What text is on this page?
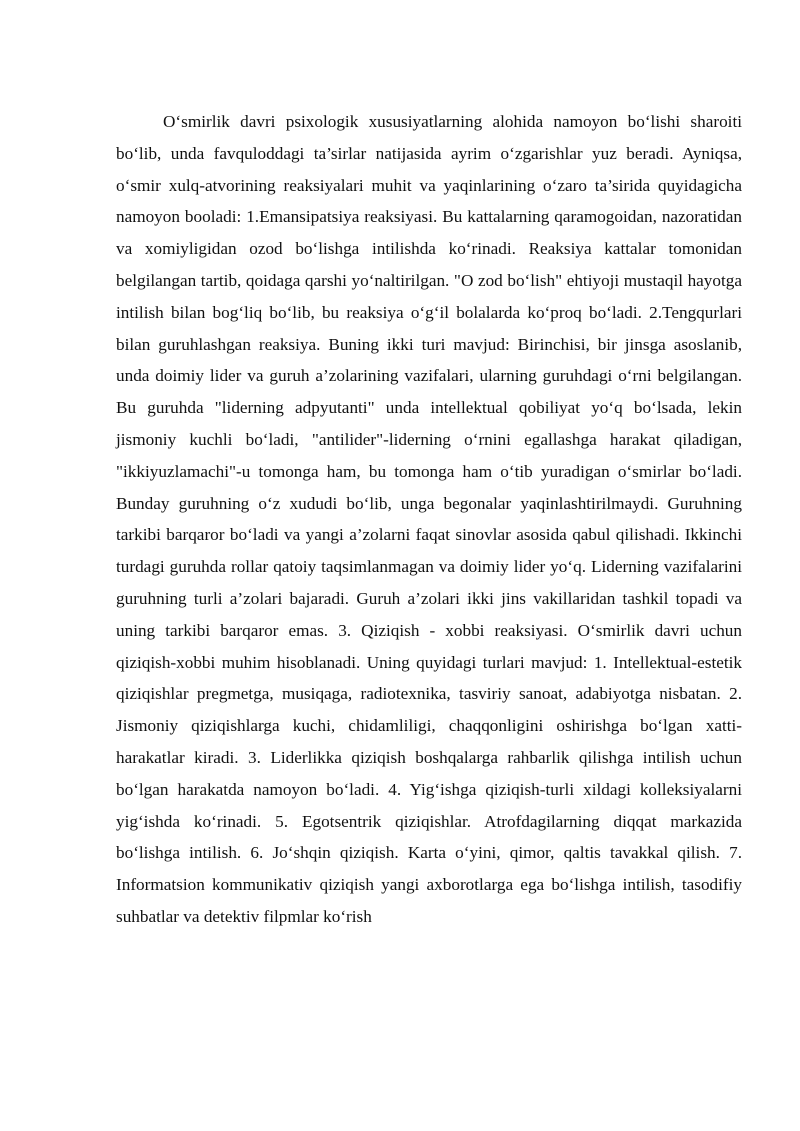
O‘smirlik davri psixologik xususiyatlarning alohida namoyon bo‘lishi sharoiti bo‘lib, unda favquloddagi ta’sirlar natijasida ayrim o‘zgarishlar yuz beradi. Ayniqsa, o‘smir xulq-atvorining reaksiyalari muhit va yaqinlarining o‘zaro ta’sirida quyidagicha namoyon booladi: 1.Emansipatsiya reaksiyasi. Bu kattalarning qaramogoidan, nazoratidan va xomiyligidan ozod bo‘lishga intilishda ko‘rinadi. Reaksiya kattalar tomonidan belgilangan tartib, qoidaga qarshi yo‘naltirilgan. "O zod bo‘lish" ehtiyoji mustaqil hayotga intilish bilan bog‘liq bo‘lib, bu reaksiya o‘g‘il bolalarda ko‘proq bo‘ladi. 2.Tengqurlari bilan guruhlashgan reaksiya. Buning ikki turi mavjud: Birinchisi, bir jinsga asoslanib, unda doimiy lider va guruh a’zolarining vazifalari, ularning guruhdagi o‘rni belgilangan. Bu guruhda "liderning adpyutanti" unda intellektual qobiliyat yo‘q bo‘lsada, lekin jismoniy kuchli bo‘ladi, "antilider"-liderning o‘rnini egallashga harakat qiladigan, "ikkiyuzlamachi"-u tomonga ham, bu tomonga ham o‘tib yuradigan o‘smirlar bo‘ladi. Bunday guruhning o‘z xududi bo‘lib, unga begonalar yaqinlashtirilmaydi. Guruhning tarkibi barqaror bo‘ladi va yangi a’zolarni faqat sinovlar asosida qabul qilishadi. Ikkinchi turdagi guruhda rollar qatoiy taqsimlanmagan va doimiy lider yo‘q. Liderning vazifalarini guruhning turli a’zolari bajaradi. Guruh a’zolari ikki jins vakillaridan tashkil topadi va uning tarkibi barqaror emas. 3. Qiziqish - xobbi reaksiyasi. O‘smirlik davri uchun qiziqish-xobbi muhim hisoblanadi. Uning quyidagi turlari mavjud: 1. Intellektual-estetik qiziqishlar pregmetga, musiqaga, radiotexnika, tasviriy sanoat, adabiyotga nisbatan. 2. Jismoniy qiziqishlarga kuchi, chidamliligi, chaqqonligini oshirishga bo‘lgan xatti-harakatlar kiradi. 3. Liderlikka qiziqish boshqalarga rahbarlik qilishga intilish uchun bo‘lgan harakatda namoyon bo‘ladi. 4. Yig‘ishga qiziqish-turli xildagi kolleksiyalarni yig‘ishda ko‘rinadi. 5. Egotsentrik qiziqishlar. Atrofdagilarning diqqat markazida bo‘lishga intilish. 6. Jo‘shqin qiziqish. Karta o‘yini, qimor, qaltis tavakkal qilish. 7. Informatsion kommunikativ qiziqish yangi axborotlarga ega bo‘lishga intilish, tasodifiy suhbatlar va detektiv filpmlar ko‘rish
